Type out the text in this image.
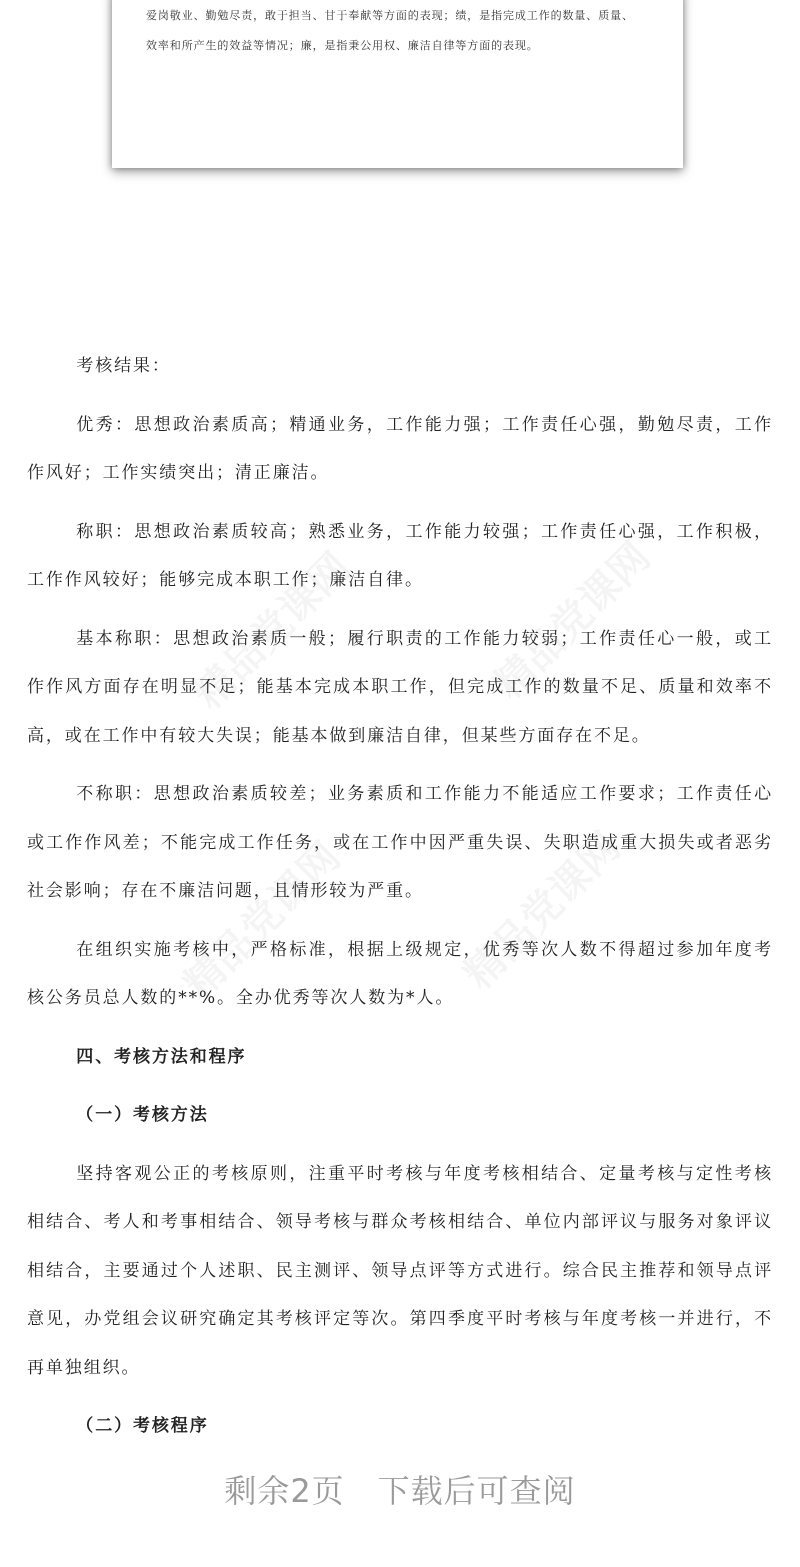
爱岗敬业、勤勉尽责，敢于担当、甘于奉献等方面的表现；绩，是指完成工作的数量、质量、

效率和所产生的效益等情况；廉，是指秉公用权、廉洁自律等方面的表现。

考核结果：

优秀：思想政治素质高；精通业务，工作能力强；工作责任心强，勤勉尽责，工作作风好；工作实绩突出；清正廉洁。

称职：思想政治素质较高；熟悉业务，工作能力较强；工作责任心强，工作积极，工作作风较好；能够完成本职工作；廉洁自律。

基本称职：思想政治素质一般；履行职责的工作能力较弱；工作责任心一般，或工作作风方面存在明显不足；能基本完成本职工作，但完成工作的数量不足、质量和效率不高，或在工作中有较大失误；能基本做到廉洁自律，但某些方面存在不足。

不称职：思想政治素质较差；业务素质和工作能力不能适应工作要求；工作责任心或工作作风差；不能完成工作任务，或在工作中因严重失误、失职造成重大损失或者恶劣社会影响；存在不廉洁问题，且情形较为严重。

在组织实施考核中，严格标准，根据上级规定，优秀等次人数不得超过参加年度考核公务员总人数的**%。全办优秀等次人数为*人。

四、考核方法和程序

（一）考核方法

坚持客观公正的考核原则，注重平时考核与年度考核相结合、定量考核与定性考核相结合、考人和考事相结合、领导考核与群众考核相结合、单位内部评议与服务对象评议相结合，主要通过个人述职、民主测评、领导点评等方式进行。综合民主推荐和领导点评意见，办党组会议研究确定其考核评定等次。第四季度平时考核与年度考核一并进行，不再单独组织。

（二）考核程序

剩余2页　下载后可查阅
